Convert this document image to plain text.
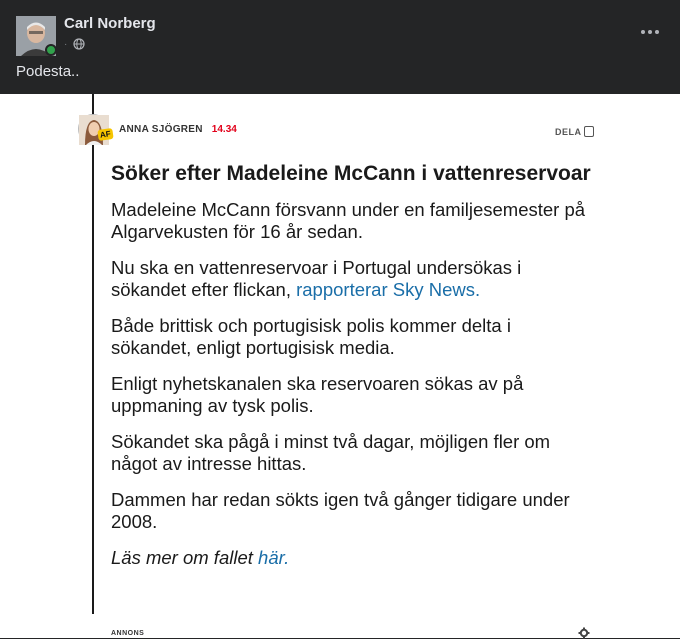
Carl Norberg
·
Podesta..
AF ANNA SJÖGREN 14.34	DELA
Söker efter Madeleine McCann i vattenreservoar

Madeleine McCann försvann under en familjesemester på Algarvekusten för 16 år sedan.

Nu ska en vattenreservoar i Portugal undersökas i sökandet efter flickan, rapporterar Sky News.

Både brittisk och portugisisk polis kommer delta i sökandet, enligt portugisisk media.

Enligt nyhetskanalen ska reservoaren sökas av på uppmaning av tysk polis.

Sökandet ska pågå i minst två dagar, möjligen fler om något av intresse hittas.

Dammen har redan sökts igen två gånger tidigare under 2008.

Läs mer om fallet här.

ANNONS
